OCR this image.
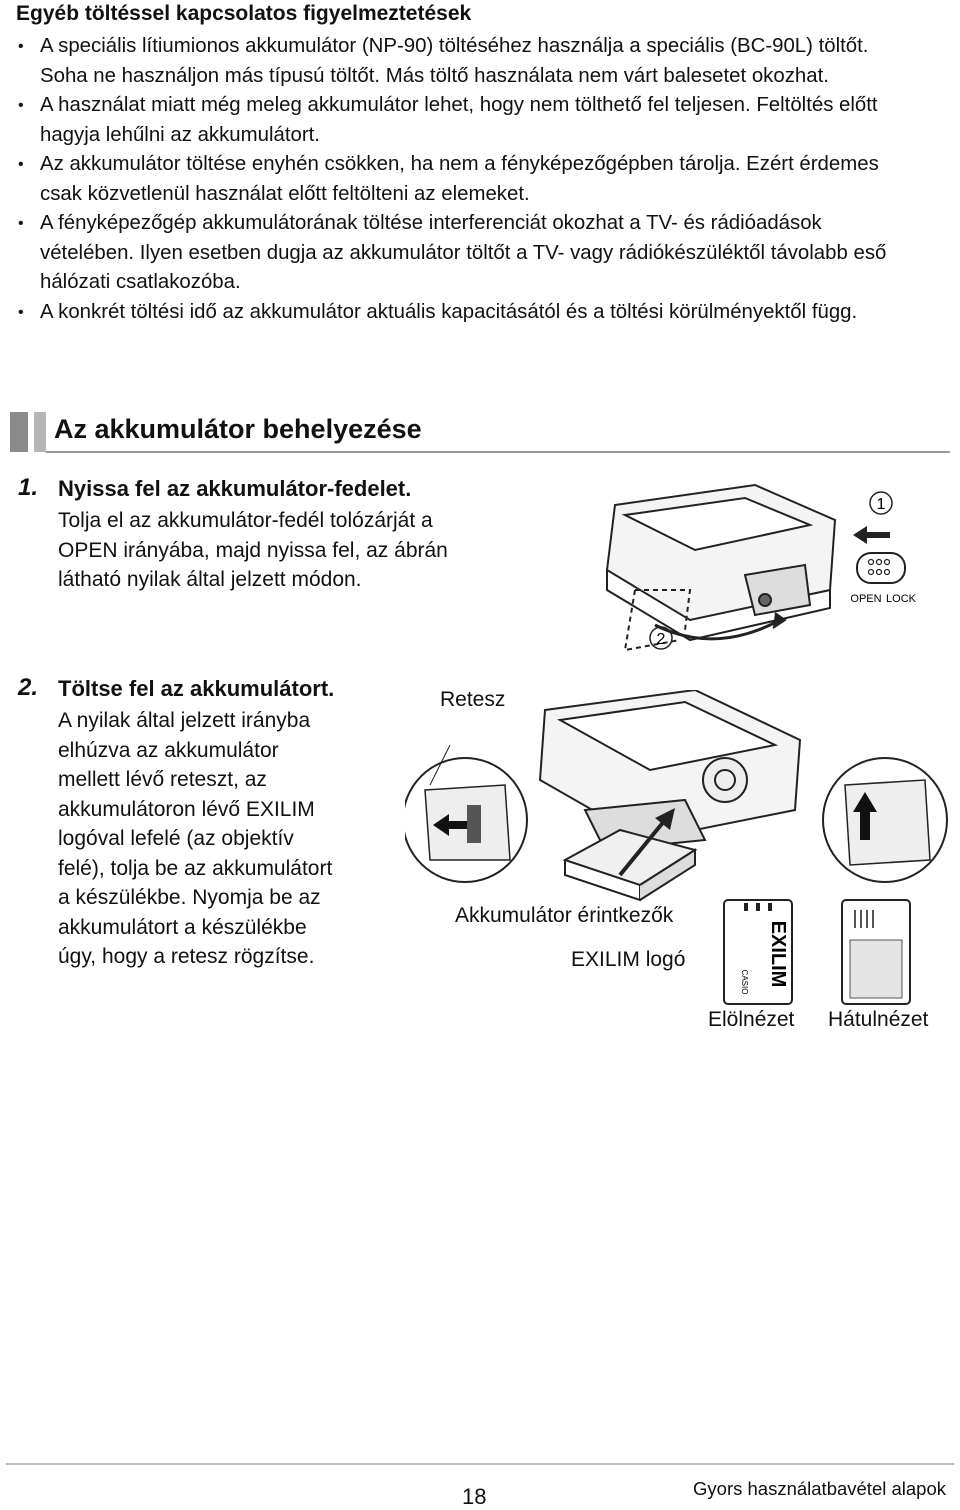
Egyéb töltéssel kapcsolatos figyelmeztetések
• A speciális lítiumionos akkumulátor (NP-90) töltéséhez használja a speciális (BC-90L) töltőt. Soha ne használjon más típusú töltőt. Más töltő használata nem várt balesetet okozhat.
• A használat miatt még meleg akkumulátor lehet, hogy nem tölthető fel teljesen. Feltöltés előtt hagyja lehűlni az akkumulátort.
• Az akkumulátor töltése enyhén csökken, ha nem a fényképezőgépben tárolja. Ezért érdemes csak közvetlenül használat előtt feltölteni az elemeket.
• A fényképezőgép akkumulátorának töltése interferenciát okozhat a TV- és rádióadások vételében. Ilyen esetben dugja az akkumulátor töltőt a TV- vagy rádiókészüléktől távolabb eső hálózati csatlakozóba.
• A konkrét töltési idő az akkumulátor aktuális kapacitásától és a töltési körülményektől függ.
Az akkumulátor behelyezése
1. Nyissa fel az akkumulátor-fedelet.
Tolja el az akkumulátor-fedél tolózárját a
OPEN irányába, majd nyissa fel, az ábrán
látható nyilak által jelzett módon.
1
OPEN LOCK
2
2. Töltse fel az akkumulátort.
A nyilak által jelzett irányba
elhúzva az akkumulátor
mellett lévő reteszt, az
akkumulátoron lévő EXILIM
logóval lefelé (az objektív
felé), tolja be az akkumulátort
a készülékbe. Nyomja be az
akkumulátort a készülékbe
úgy, hogy a retesz rögzítse.
Retesz
Akkumulátor érintkezők
EXILIM logó	EXILIM
CASIO
Elölnézet Hátulnézet
18	Gyors használatbavétel alapok
